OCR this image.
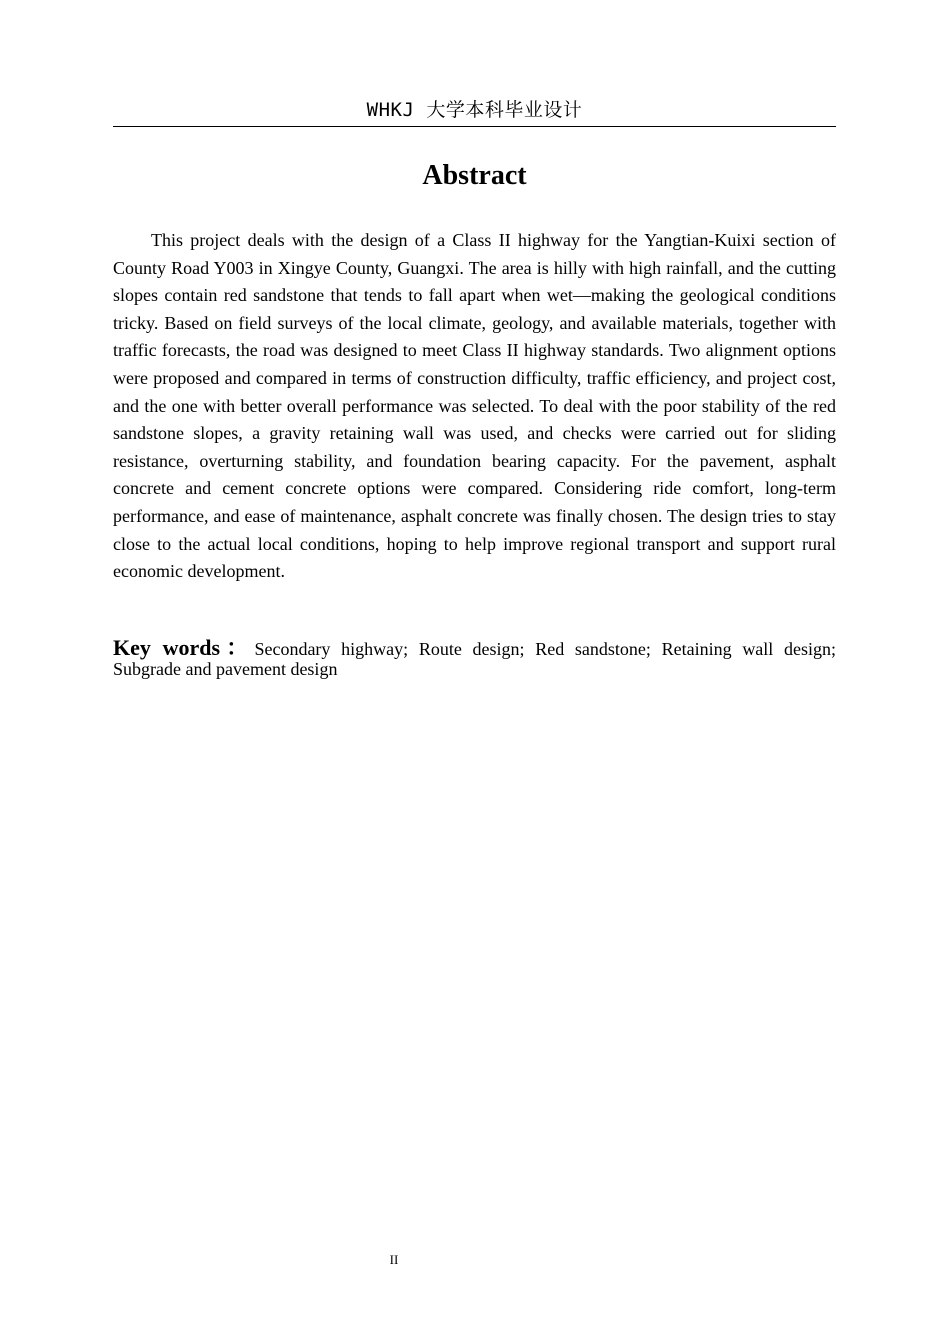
WHKJ 大学本科毕业设计
Abstract

This project deals with the design of a Class II highway for the Yangtian-Kuixi section of County Road Y003 in Xingye County, Guangxi. The area is hilly with high rainfall, and the cutting slopes contain red sandstone that tends to fall apart when wet—making the geological conditions tricky. Based on field surveys of the local climate, geology, and available materials, together with traffic forecasts, the road was designed to meet Class II highway standards. Two alignment options were proposed and compared in terms of construction difficulty, traffic efficiency, and project cost, and the one with better overall performance was selected. To deal with the poor stability of the red sandstone slopes, a gravity retaining wall was used, and checks were carried out for sliding resistance, overturning stability, and foundation bearing capacity. For the pavement, asphalt concrete and cement concrete options were compared. Considering ride comfort, long-term performance, and ease of maintenance, asphalt concrete was finally chosen. The design tries to stay close to the actual local conditions, hoping to help improve regional transport and support rural economic development.

Key words：Secondary highway; Route design; Red sandstone; Retaining wall design; Subgrade and pavement design

II
